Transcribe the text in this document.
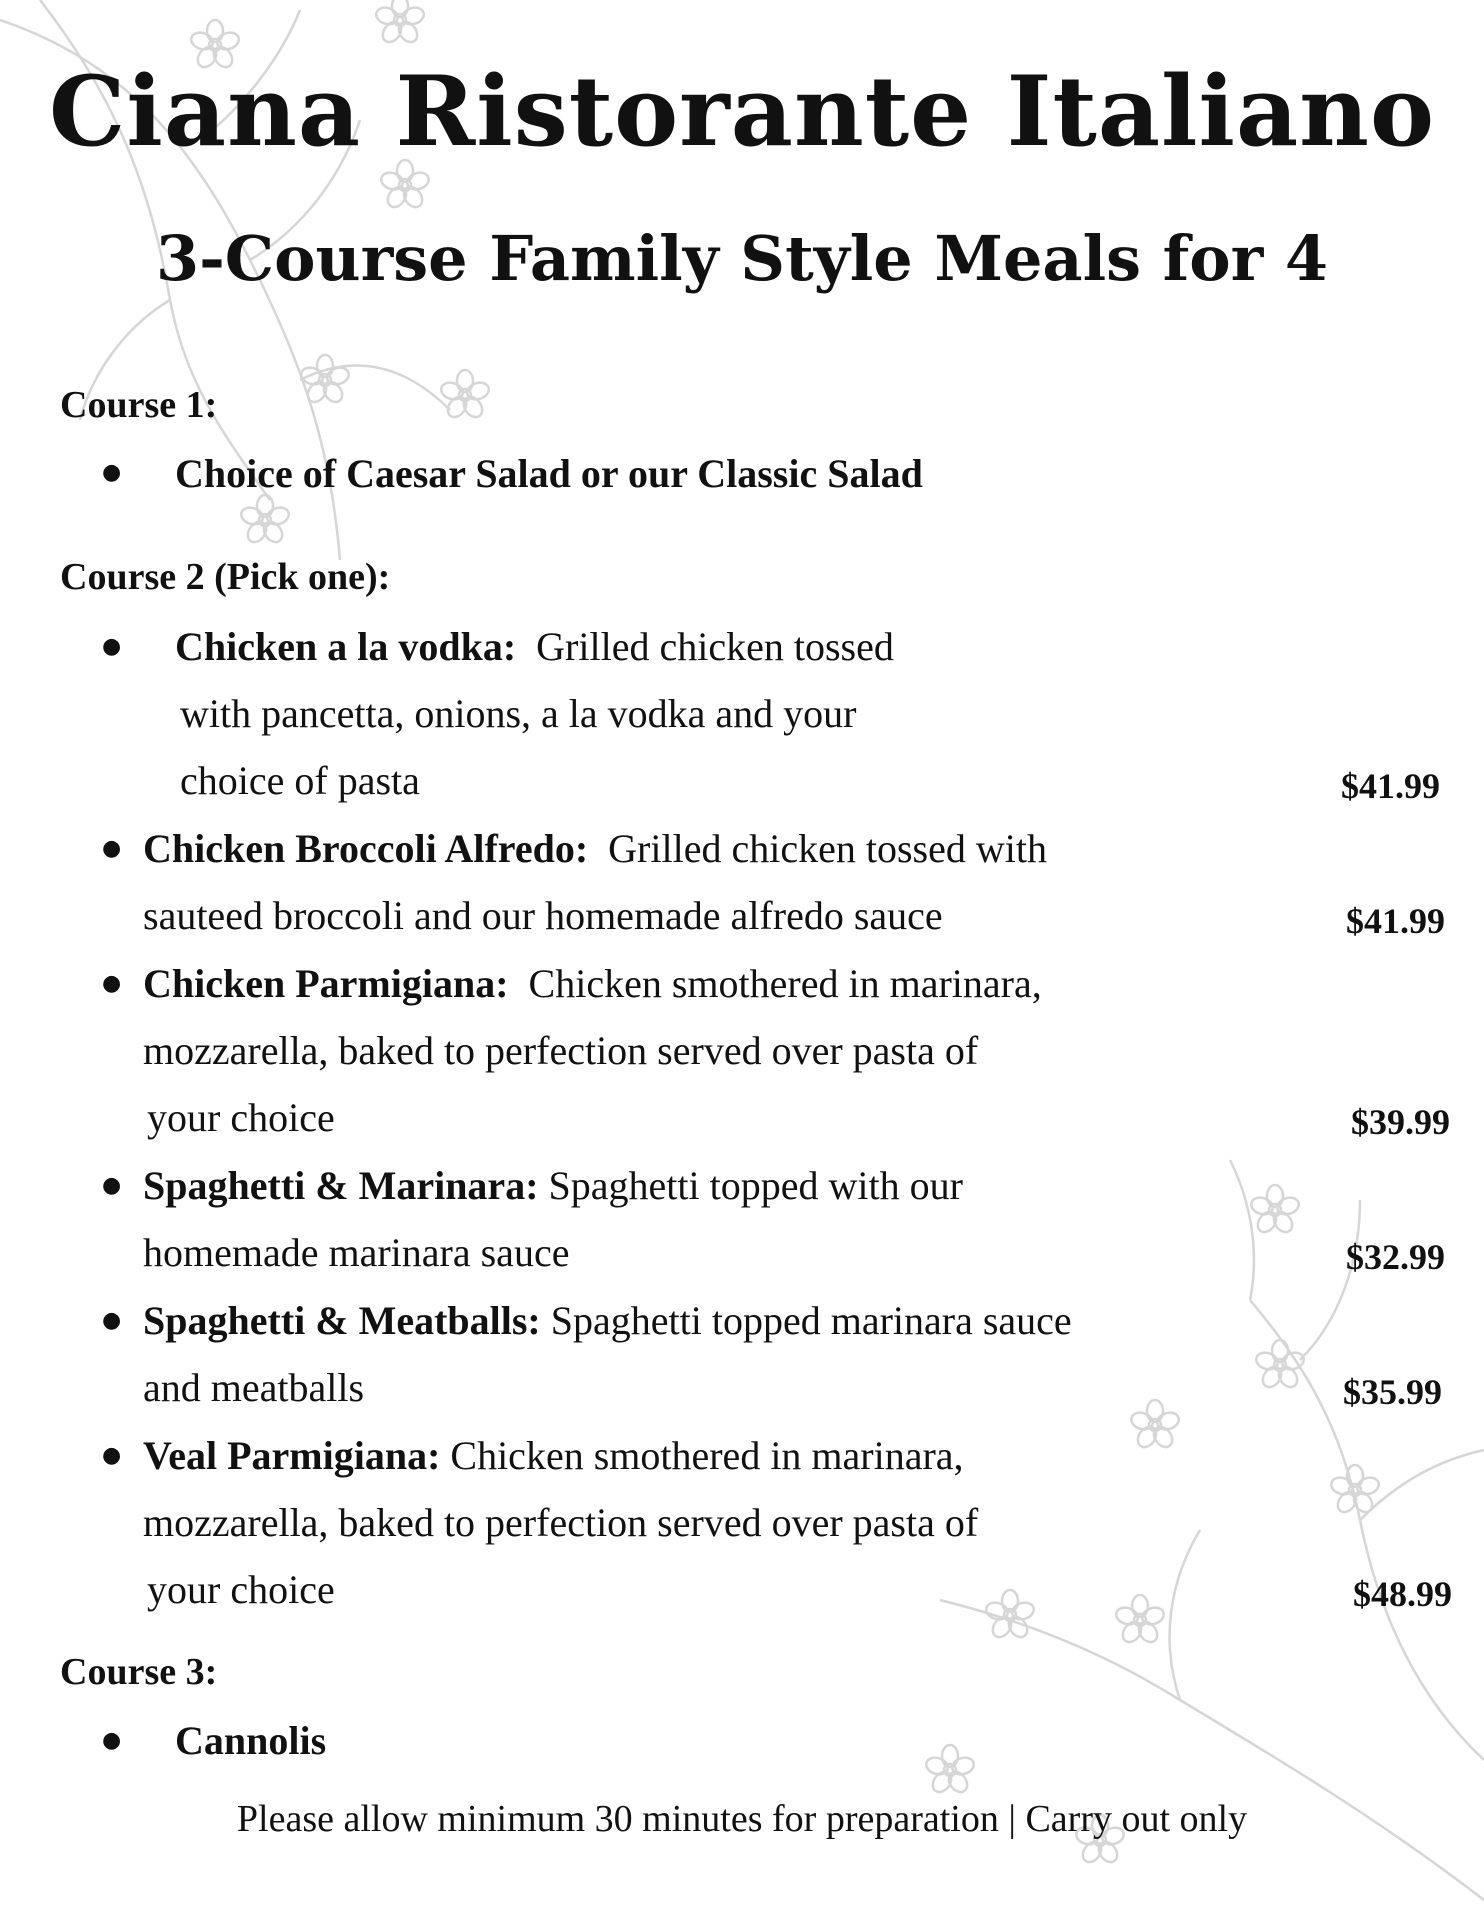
Ciana Ristorante Italiano
3-Course Family Style Meals for 4
Course 1:
● Choice of Caesar Salad or our Classic Salad
Course 2 (Pick one):
● Chicken a la vodka: Grilled chicken tossed
with pancetta, onions, a la vodka and your
choice of pasta	$41.99
● Chicken Broccoli Alfredo: Grilled chicken tossed with
sauteed broccoli and our homemade alfredo sauce	$41.99
● Chicken Parmigiana: Chicken smothered in marinara,
mozzarella, baked to perfection served over pasta of
your choice	$39.99
● Spaghetti & Marinara: Spaghetti topped with our
homemade marinara sauce	$32.99
● Spaghetti & Meatballs: Spaghetti topped marinara sauce
and meatballs	$35.99
● Veal Parmigiana: Chicken smothered in marinara,
mozzarella, baked to perfection served over pasta of
your choice	$48.99
Course 3:
● Cannolis
Please allow minimum 30 minutes for preparation | Carry out only
